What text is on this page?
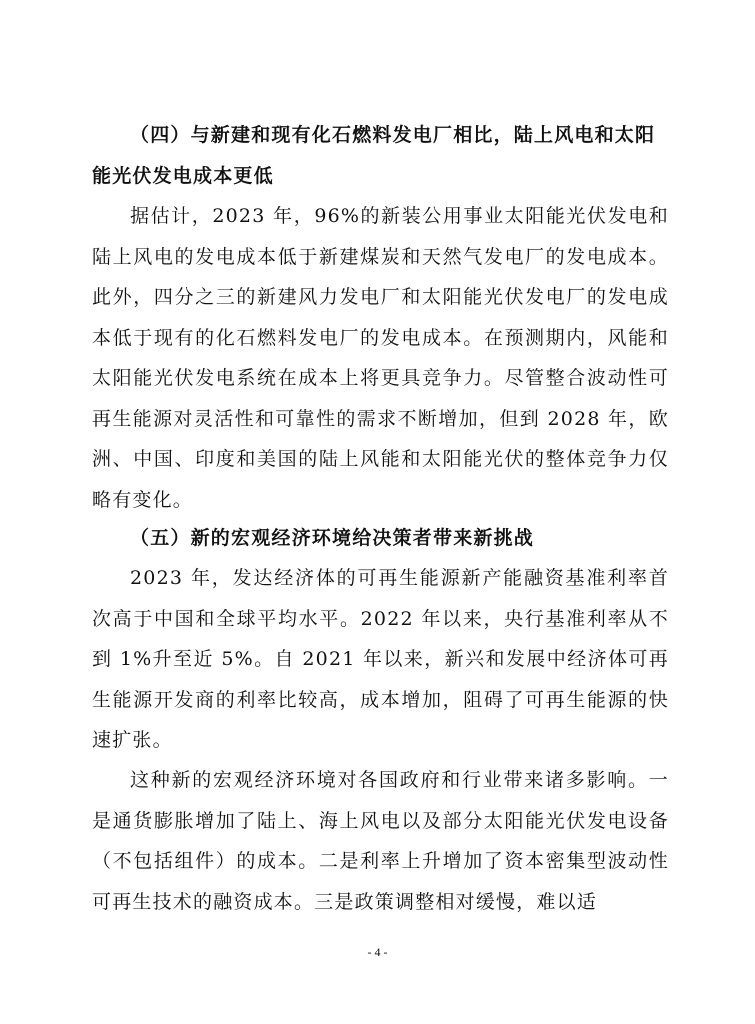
（四）与新建和现有化石燃料发电厂相比，陆上风电和太阳能光伏发电成本更低
据估计，2023 年，96%的新装公用事业太阳能光伏发电和陆上风电的发电成本低于新建煤炭和天然气发电厂的发电成本。此外，四分之三的新建风力发电厂和太阳能光伏发电厂的发电成本低于现有的化石燃料发电厂的发电成本。在预测期内，风能和太阳能光伏发电系统在成本上将更具竞争力。尽管整合波动性可再生能源对灵活性和可靠性的需求不断增加，但到 2028 年，欧洲、中国、印度和美国的陆上风能和太阳能光伏的整体竞争力仅略有变化。
（五）新的宏观经济环境给决策者带来新挑战
2023 年，发达经济体的可再生能源新产能融资基准利率首次高于中国和全球平均水平。2022 年以来，央行基准利率从不到 1%升至近 5%。自 2021 年以来，新兴和发展中经济体可再生能源开发商的利率比较高，成本增加，阻碍了可再生能源的快速扩张。
这种新的宏观经济环境对各国政府和行业带来诸多影响。一是通货膨胀增加了陆上、海上风电以及部分太阳能光伏发电设备（不包括组件）的成本。二是利率上升增加了资本密集型波动性可再生技术的融资成本。三是政策调整相对缓慢，难以适
- 4 -
